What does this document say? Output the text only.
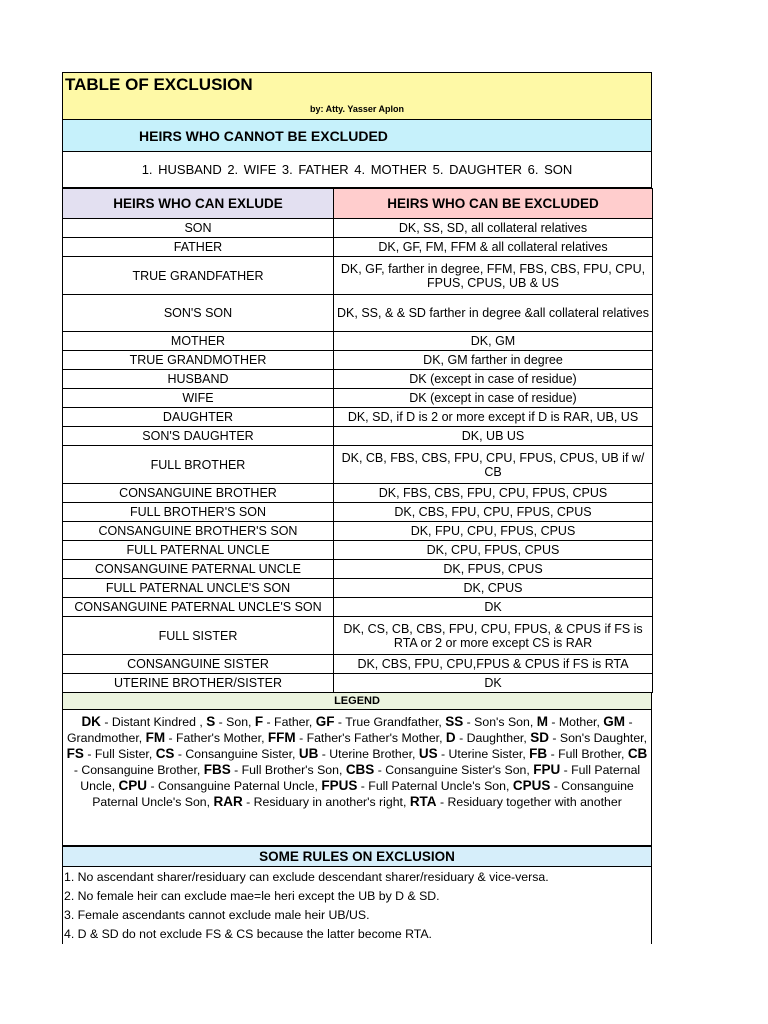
TABLE OF EXCLUSION
by: Atty. Yasser Aplon
HEIRS WHO CANNOT BE EXCLUDED
1. HUSBAND 2. WIFE 3. FATHER 4. MOTHER 5. DAUGHTER 6. SON
HEIRS WHO CAN EXLUDE	HEIRS WHO CAN BE EXCLUDED
SON	DK, SS, SD, all collateral relatives
FATHER	DK, GF, FM, FFM & all collateral relatives
TRUE GRANDFATHER	DK, GF, farther in degree, FFM, FBS, CBS, FPU, CPU, FPUS, CPUS, UB & US
SON'S SON	DK, SS, & & SD farther in degree &all collateral relatives
MOTHER	DK, GM
TRUE GRANDMOTHER	DK, GM farther in degree
HUSBAND	DK (except in case of residue)
WIFE	DK (except in case of residue)
DAUGHTER	DK, SD, if D is 2 or more except if D is RAR, UB, US
SON'S DAUGHTER	DK, UB US
FULL BROTHER	DK, CB, FBS, CBS, FPU, CPU, FPUS, CPUS, UB if w/ CB
CONSANGUINE BROTHER	DK, FBS, CBS, FPU, CPU, FPUS, CPUS
FULL BROTHER'S SON	DK, CBS, FPU, CPU, FPUS, CPUS
CONSANGUINE BROTHER'S SON	DK, FPU, CPU, FPUS, CPUS
FULL PATERNAL UNCLE	DK, CPU, FPUS, CPUS
CONSANGUINE PATERNAL UNCLE	DK, FPUS, CPUS
FULL PATERNAL UNCLE'S SON	DK, CPUS
CONSANGUINE PATERNAL UNCLE'S SON	DK
FULL SISTER	DK, CS, CB, CBS, FPU, CPU, FPUS, & CPUS if FS is RTA or 2 or more except CS is RAR
CONSANGUINE SISTER	DK, CBS, FPU, CPU,FPUS & CPUS if FS is RTA
UTERINE BROTHER/SISTER	DK
LEGEND
DK - Distant Kindred , S - Son, F - Father, GF - True Grandfather, SS - Son's Son, M - Mother, GM - Grandmother, FM - Father's Mother, FFM - Father's Father's Mother, D - Daughther, SD - Son's Daughter, FS - Full Sister, CS - Consanguine Sister, UB - Uterine Brother, US - Uterine Sister, FB - Full Brother, CB - Consanguine Brother, FBS - Full Brother's Son, CBS - Consanguine Sister's Son, FPU - Full Paternal Uncle, CPU - Consanguine Paternal Uncle, FPUS - Full Paternal Uncle's Son, CPUS - Consanguine Paternal Uncle's Son, RAR - Residuary in another's right, RTA - Residuary together with another
SOME RULES ON EXCLUSION
1. No ascendant sharer/residuary can exclude descendant sharer/residuary & vice-versa.
2. No female heir can exclude mae=le heri except the UB by D & SD.
3. Female ascendants cannot exclude male heir UB/US.
4. D & SD do not exclude FS & CS because the latter become RTA.
